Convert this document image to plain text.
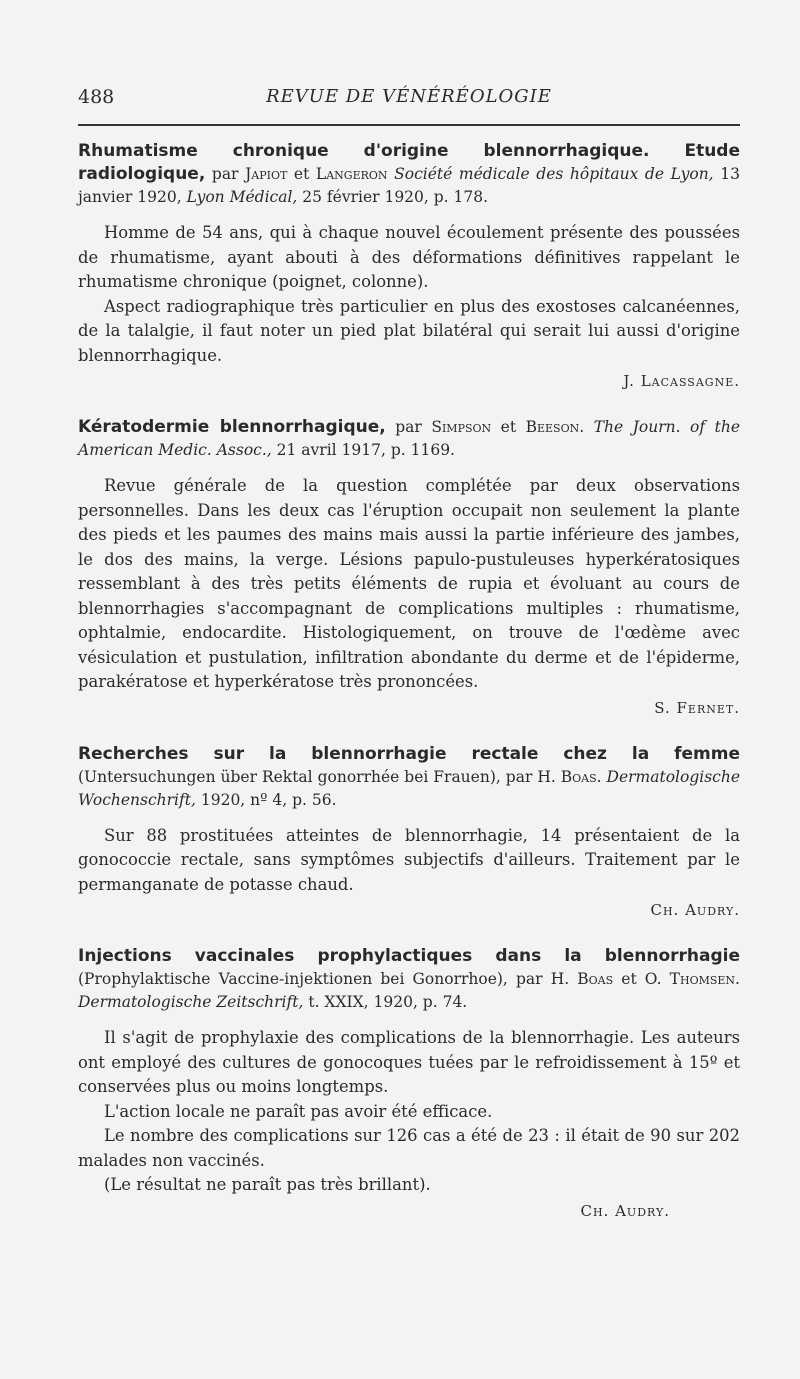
488	REVUE DE VÉNÉRÉOLOGIE
Rhumatisme chronique d'origine blennorrhagique. Etude radiologique, par Japiot et Langeron Société médicale des hôpitaux de Lyon, 13 janvier 1920, Lyon Médical, 25 février 1920, p. 178.

Homme de 54 ans, qui à chaque nouvel écoulement présente des poussées de rhumatisme, ayant abouti à des déformations définitives rappelant le rhumatisme chronique (poignet, colonne).

Aspect radiographique très particulier en plus des exostoses calcanéennes, de la talalgie, il faut noter un pied plat bilatéral qui serait lui aussi d'origine blennorrhagique.

J. Lacassagne.
Kératodermie blennorrhagique, par Simpson et Beeson. The Journ. of the American Medic. Assoc., 21 avril 1917, p. 1169.

Revue générale de la question complétée par deux observations personnelles. Dans les deux cas l'éruption occupait non seulement la plante des pieds et les paumes des mains mais aussi la partie inférieure des jambes, le dos des mains, la verge. Lésions papulo-pustuleuses hyperkératosiques ressemblant à des très petits éléments de rupia et évoluant au cours de blennorrhagies s'accompagnant de complications multiples : rhumatisme, ophtalmie, endocardite. Histologiquement, on trouve de l'œdème avec vésiculation et pustulation, infiltration abondante du derme et de l'épiderme, parakératose et hyperkératose très prononcées.

S. Fernet.
Recherches sur la blennorrhagie rectale chez la femme (Untersuchungen über Rektal gonorrhée bei Frauen), par H. Boas. Dermatologische Wochenschrift, 1920, nº 4, p. 56.

Sur 88 prostituées atteintes de blennorrhagie, 14 présentaient de la gonococcie rectale, sans symptômes subjectifs d'ailleurs. Traitement par le permanganate de potasse chaud.

Ch. Audry.
Injections vaccinales prophylactiques dans la blennorrhagie (Prophylaktische Vaccine-injektionen bei Gonorrhoe), par H. Boas et O. Thomsen. Dermatologische Zeitschrift, t. XXIX, 1920, p. 74.

Il s'agit de prophylaxie des complications de la blennorrhagie. Les auteurs ont employé des cultures de gonocoques tuées par le refroidissement à 15º et conservées plus ou moins longtemps.

L'action locale ne paraît pas avoir été efficace.

Le nombre des complications sur 126 cas a été de 23 : il était de 90 sur 202 malades non vaccinés.

(Le résultat ne paraît pas très brillant).

Ch. Audry.
